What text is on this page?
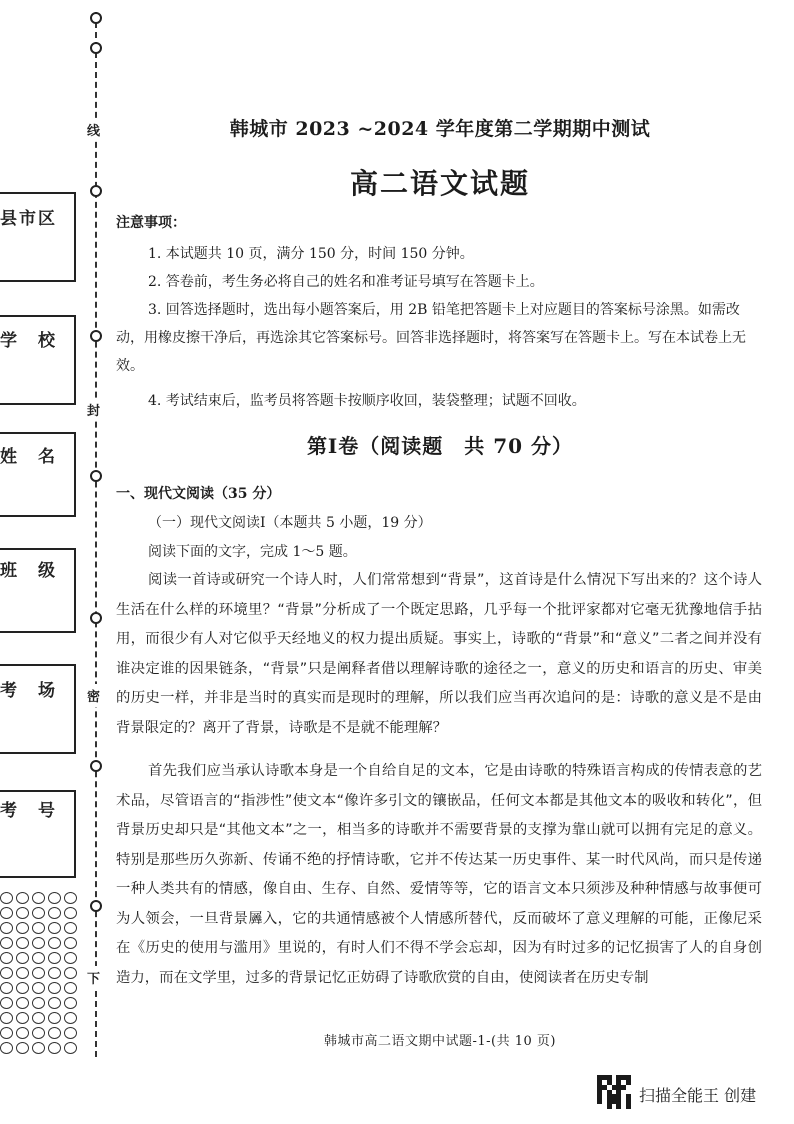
县市区
学　校
姓　名
班　级
考　场
考　号
线
封
密
下
韩城市 2023 ~2024 学年度第二学期期中测试
高二语文试题
注意事项：

1. 本试题共 10 页，满分 150 分，时间 150 分钟。

2. 答卷前，考生务必将自己的姓名和准考证号填写在答题卡上。

3. 回答选择题时，选出每小题答案后，用 2B 铅笔把答题卡上对应题目的答案标号涂黑。如需改动，用橡皮擦干净后，再选涂其它答案标号。回答非选择题时，将答案写在答题卡上。写在本试卷上无效。

4. 考试结束后，监考员将答题卡按顺序收回，装袋整理；试题不回收。

第Ⅰ卷（阅读题　共 70 分）
一、现代文阅读（35 分）
（一）现代文阅读Ⅰ（本题共 5 小题，19 分）
阅读下面的文字，完成 1～5 题。

阅读一首诗或研究一个诗人时，人们常常想到“背景”，这首诗是什么情况下写出来的？这个诗人生活在什么样的环境里？“背景”分析成了一个既定思路，几乎每一个批评家都对它毫无犹豫地信手拈用，而很少有人对它似乎天经地义的权力提出质疑。事实上，诗歌的“背景”和“意义”二者之间并没有谁决定谁的因果链条，“背景”只是阐释者借以理解诗歌的途径之一，意义的历史和语言的历史、审美的历史一样，并非是当时的真实而是现时的理解，所以我们应当再次追问的是：诗歌的意义是不是由背景限定的？离开了背景，诗歌是不是就不能理解？

首先我们应当承认诗歌本身是一个自给自足的文本，它是由诗歌的特殊语言构成的传情表意的艺术品，尽管语言的“指涉性”使文本“像许多引文的镶嵌品，任何文本都是其他文本的吸收和转化”，但背景历史却只是“其他文本”之一，相当多的诗歌并不需要背景的支撑为靠山就可以拥有完足的意义。特别是那些历久弥新、传诵不绝的抒情诗歌，它并不传达某一历史事件、某一时代风尚，而只是传递一种人类共有的情感，像自由、生存、自然、爱情等等，它的语言文本只须涉及种种情感与故事便可为人领会，一旦背景羼入，它的共通情感被个人情感所替代，反而破坏了意义理解的可能，正像尼采在《历史的使用与滥用》里说的，有时人们不得不学会忘却，因为有时过多的记忆损害了人的自身创造力，而在文学里，过多的背景记忆正妨碍了诗歌欣赏的自由，使阅读者在历史专制

韩城市高二语文期中试题-1-(共 10 页)
扫描全能王 创建
